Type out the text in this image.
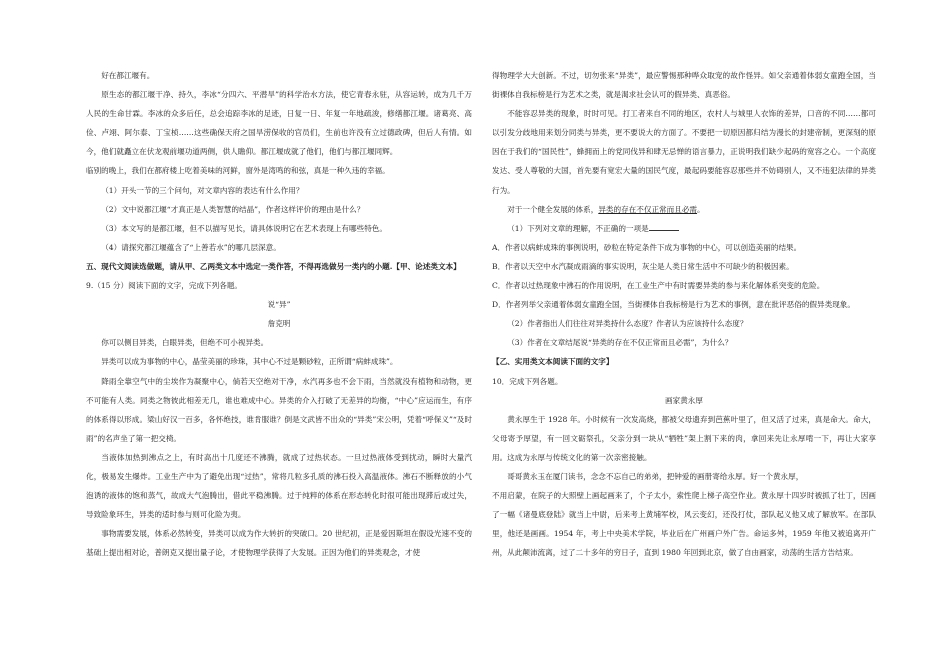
好在都江堰有。

原生态的都江堰干净、持久，李冰“分四六、平潜旱”的科学治水方法，使它青春永驻，从容运转，成为几千万人民的生命甘霖。李冰的众多后任，总会追踪李冰的足迹，日复一日、年复一年地疏浚，修缮都江堰。诸葛亮、高俭、卢翊、阿尔泰、丁宝桢……这些确保天府之国旱涝保收的官员们，生前也许没有立过德政碑，但后人有情。如今，他们就矗立在伏龙观前堰功道两侧，供人瞻仰。都江堰成就了他们，他们与都江堰同辉。

临别的晚上，我们在都府楼上吃着美味的河鲜，窗外是湾鸣的和弦，真是一种久违的幸福。

（1）开头一节的三个问句，对文章内容的表达有什么作用？

（2）文中说都江堰“才真正是人类智慧的结晶”，作者这样评价的理由是什么？

（3）本文写的是都江堰，但不以描写见长，请具体说明它在艺术表现上有哪些特色。

（4）请探究都江堰蕴含了“上善若水”的哪几层深意。

五、现代文阅读选做题，请从甲、乙两类文本中选定一类作答，不得再选做另一类内的小题.【甲、论述类文本】

9.（15 分）阅读下面的文字，完成下列各题。

说“异”

詹克明

你可以侧目异类，白眼异类，但绝不可小视异类。

异类可以成为事物的中心，晶莹美丽的珍珠，其中心不过是颗砂粒，正所谓“病蚌成珠”。

降雨全靠空气中的尘埃作为凝聚中心，倘若天空绝对干净，水汽再多也不会下雨，当然就没有植物和动物，更不可能有人类。同类之物彼此相差无几，谁也难成中心。异类的介入打破了无差异的均衡，“中心”应运而生，有序的体系得以形成。梁山好汉一百多，各怀绝技，谁肯服谁？倒是文武皆不出众的“异类”宋公明，凭着“呼保义”“及时雨”的名声坐了第一把交椅。

当液体加热到沸点之上，有时高出十几度还不沸腾，就成了过热状态。一旦过热液体受到扰动，瞬时大量汽化，极易发生爆炸。工业生产中为了避免出现“过热”，常将几粒多孔质的沸石投入高温液体。沸石不断释放的小气泡诱的液体的饱和蒸气，故成大气泡腾出，借此平稳沸腾。过于纯粹的体系在形态转化时很可能出现滞后或过失，导致险象环生，异类的适时参与则可化险为夷。

事物需要发展，体系必然转变，异类可以成为作大转折的突破口。20 世纪初，正是爱因斯坦在假设光速不变的基础上提出相对论，普朗克又提出量子论，才使物理学获得了大发展。正因为他们的异类观念，才使

得物理学大大创新。不过，切勿张来“异类”，最应警惕那种哗众取宠的故作怪异。如父亲通着体弱女童跑全国，当街裸体自我标榜是行为艺术之类，就是渴求社会认可的假异类、真恶俗。

不能容忍异类的现象，时时可见。打工者来自不同的地区，农村人与城里人衣饰的差异，口音的不同……都可以引发分歧地用来划分同类与异类，更不要说大的方面了。不要把一切原因都归结为漫长的封建帝制，更深刻的原因在于我们的“国民性”，蜂拥而上的党同伐异和肆无忌惮的语言暴力，正说明我们缺少起码的宽容之心。一个高度发达、受人尊敬的大国，首先要有宽宏大量的国民气度，最起码要能容忍那些并不妨碍别人，又不违犯法律的异类行为。

对于一个健全发展的体系，异类的存在不仅正常而且必需。

（1）下列对文章的理解，不正确的一项是

A．作者以病蚌成珠的事例说明，砂粒在特定条件下成为事物的中心，可以创造美丽的结果。

B．作者以天空中水汽凝成雨滴的事实说明，灰尘是人类日常生活中不可缺少的积极因素。

C．作者以过热现象中沸石的作用说明，在工业生产中有时需要异类的参与来化解体系突变的危险。

D．作者列举父亲通着体弱女童跑全国，当街裸体自我标榜是行为艺术的事例，意在批评恶俗的假异类现象。

（2）作者指出人们往往对异类持什么态度？作者认为应该持什么态度？

（3）作者在文章结尾说“异类的存在不仅正常而且必需”，为什么？

【乙、实用类文本阅读下面的文字】

10．完成下列各题。

画家黄永厚

黄永厚生于 1928 年。小时候有一次发高烧，都被父母遗弃到芭蕉叶里了，但又活了过来，真是命大。命大，父母寄予厚望，有一回文砺祭孔，父亲分到一块从“牺牲”架上割下来的肉，拿回来先让永厚啃一下，再让大家享用。这成为永厚与传统文化的第一次亲密接触。

哥哥黄永玉在厦门读书，念念不忘自己的弟弟，把钟爱的画册寄给永厚。好一个黄永厚，

不用启蒙，在院子的大照壁上画起画来了，个子太小，索性爬上梯子高空作业。黄永厚十四岁时被抓了壮丁，因画了一幅《诸曼底登陆》就当上中尉，后来考上黄埔军校，风云变幻，还没打仗，部队起义他又成了解放军。在部队里，他还是画画。1954 年，考上中央美术学院，毕业后在广州画户外广告。命运多舛，1959 年他又被追离开广州，从此颠沛流离，过了二十多年的穷日子，直到 1980 年回到北京，做了自由画家，动荡的生活方告结束。
